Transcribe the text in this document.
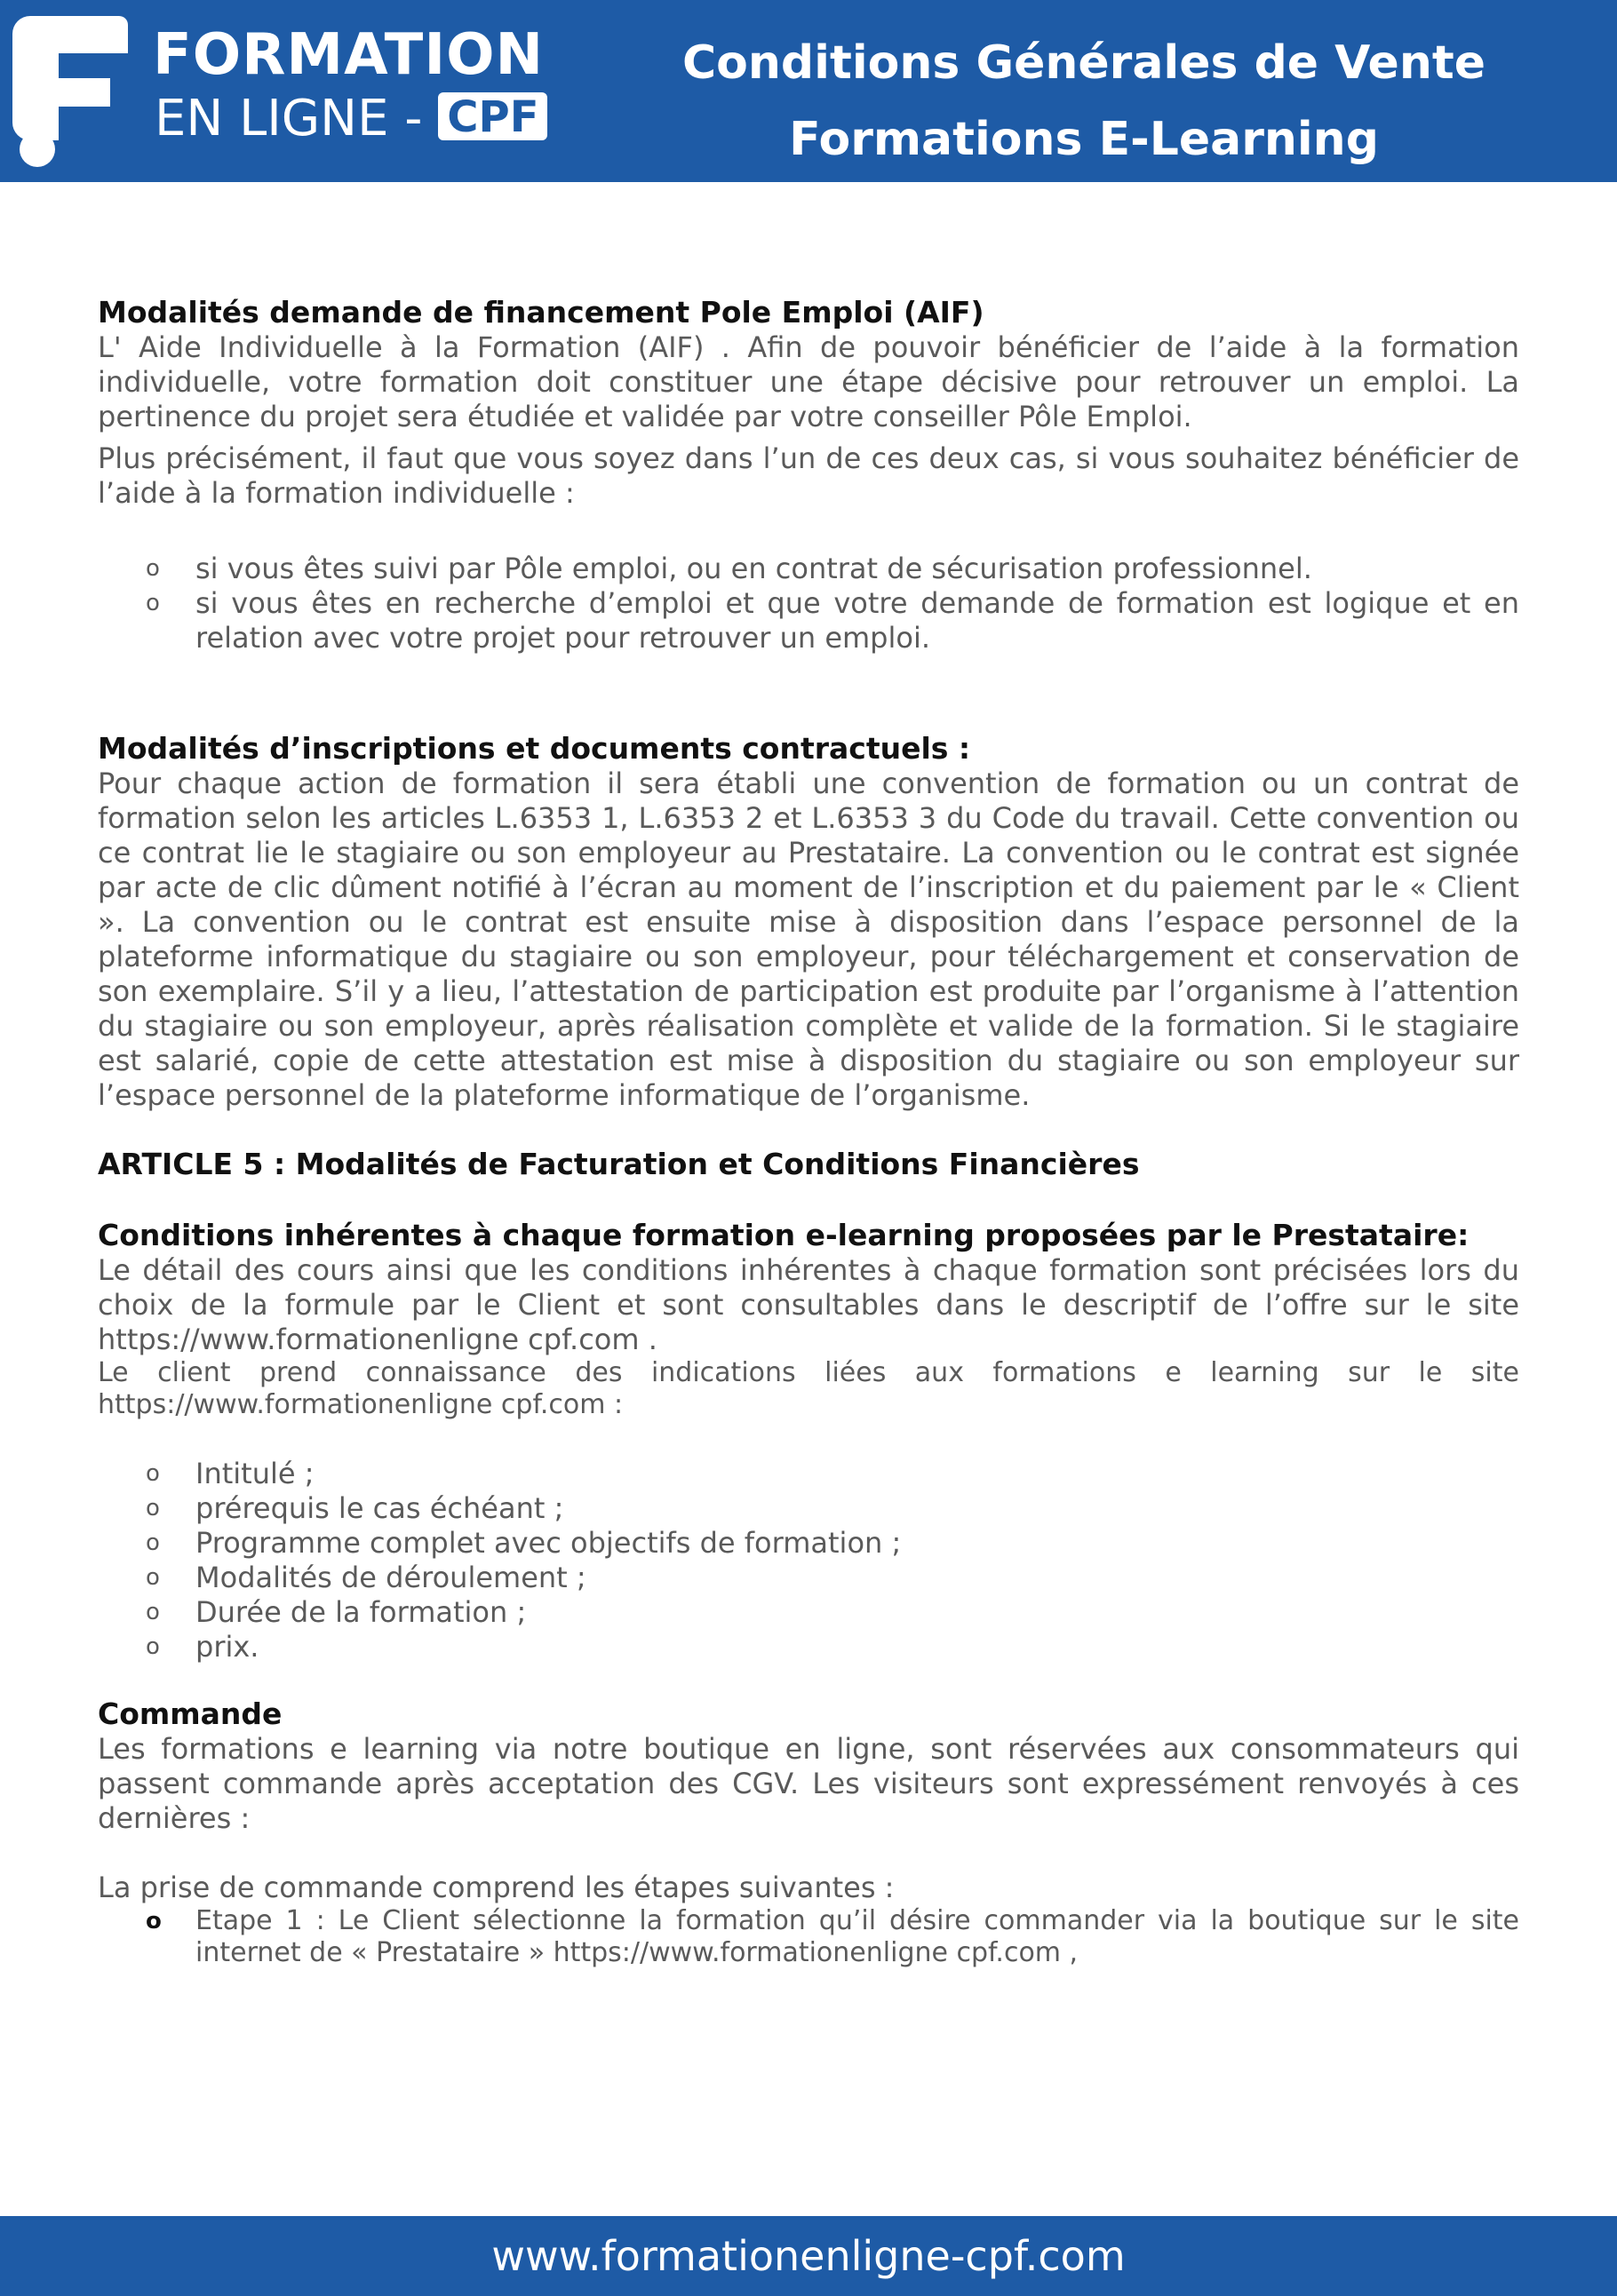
FORMATION
EN LIGNE - CPF
Conditions Générales de Vente
Formations E-Learning

Modalités demande de financement Pole Emploi (AIF)

L' Aide Individuelle à la Formation (AIF) . Afin de pouvoir bénéficier de l’aide à la formation individuelle, votre formation doit constituer une étape décisive pour retrouver un emploi. La pertinence du projet sera étudiée et validée par votre conseiller Pôle Emploi.

Plus précisément, il faut que vous soyez dans l’un de ces deux cas, si vous souhaitez bénéficier de l’aide à la formation individuelle :

o si vous êtes suivi par Pôle emploi, ou en contrat de sécurisation professionnel.
o si vous êtes en recherche d’emploi et que votre demande de formation est logique et en relation avec votre projet pour retrouver un emploi.

Modalités d’inscriptions et documents contractuels :

Pour chaque action de formation il sera établi une convention de formation ou un contrat de formation selon les articles L.6353 1, L.6353 2 et L.6353 3 du Code du travail. Cette convention ou ce contrat lie le stagiaire ou son employeur au Prestataire. La convention ou le contrat est signée par acte de clic dûment notifié à l’écran au moment de l’inscription et du paiement par le « Client ». La convention ou le contrat est ensuite mise à disposition dans l’espace personnel de la plateforme informatique du stagiaire ou son employeur, pour téléchargement et conservation de son exemplaire. S’il y a lieu, l’attestation de participation est produite par l’organisme à l’attention du stagiaire ou son employeur, après réalisation complète et valide de la formation. Si le stagiaire est salarié, copie de cette attestation est mise à disposition du stagiaire ou son employeur sur l’espace personnel de la plateforme informatique de l’organisme.

ARTICLE 5 : Modalités de Facturation et Conditions Financières

Conditions inhérentes à chaque formation e-learning proposées par le Prestataire:

Le détail des cours ainsi que les conditions inhérentes à chaque formation sont précisées lors du choix de la formule par le Client et sont consultables dans le descriptif de l’offre sur le site https://www.formationenligne cpf.com .

Le client prend connaissance des indications liées aux formations e learning sur le site https://www.formationenligne cpf.com :

o Intitulé ;
o prérequis le cas échéant ;
o Programme complet avec objectifs de formation ;
o Modalités de déroulement ;
o Durée de la formation ;
o prix.

Commande

Les formations e learning via notre boutique en ligne, sont réservées aux consommateurs qui passent commande après acceptation des CGV. Les visiteurs sont expressément renvoyés à ces dernières :

La prise de commande comprend les étapes suivantes :

o Etape 1 : Le Client sélectionne la formation qu’il désire commander via la boutique sur le site internet de « Prestataire » https://www.formationenligne cpf.com ,
www.formationenligne-cpf.com
